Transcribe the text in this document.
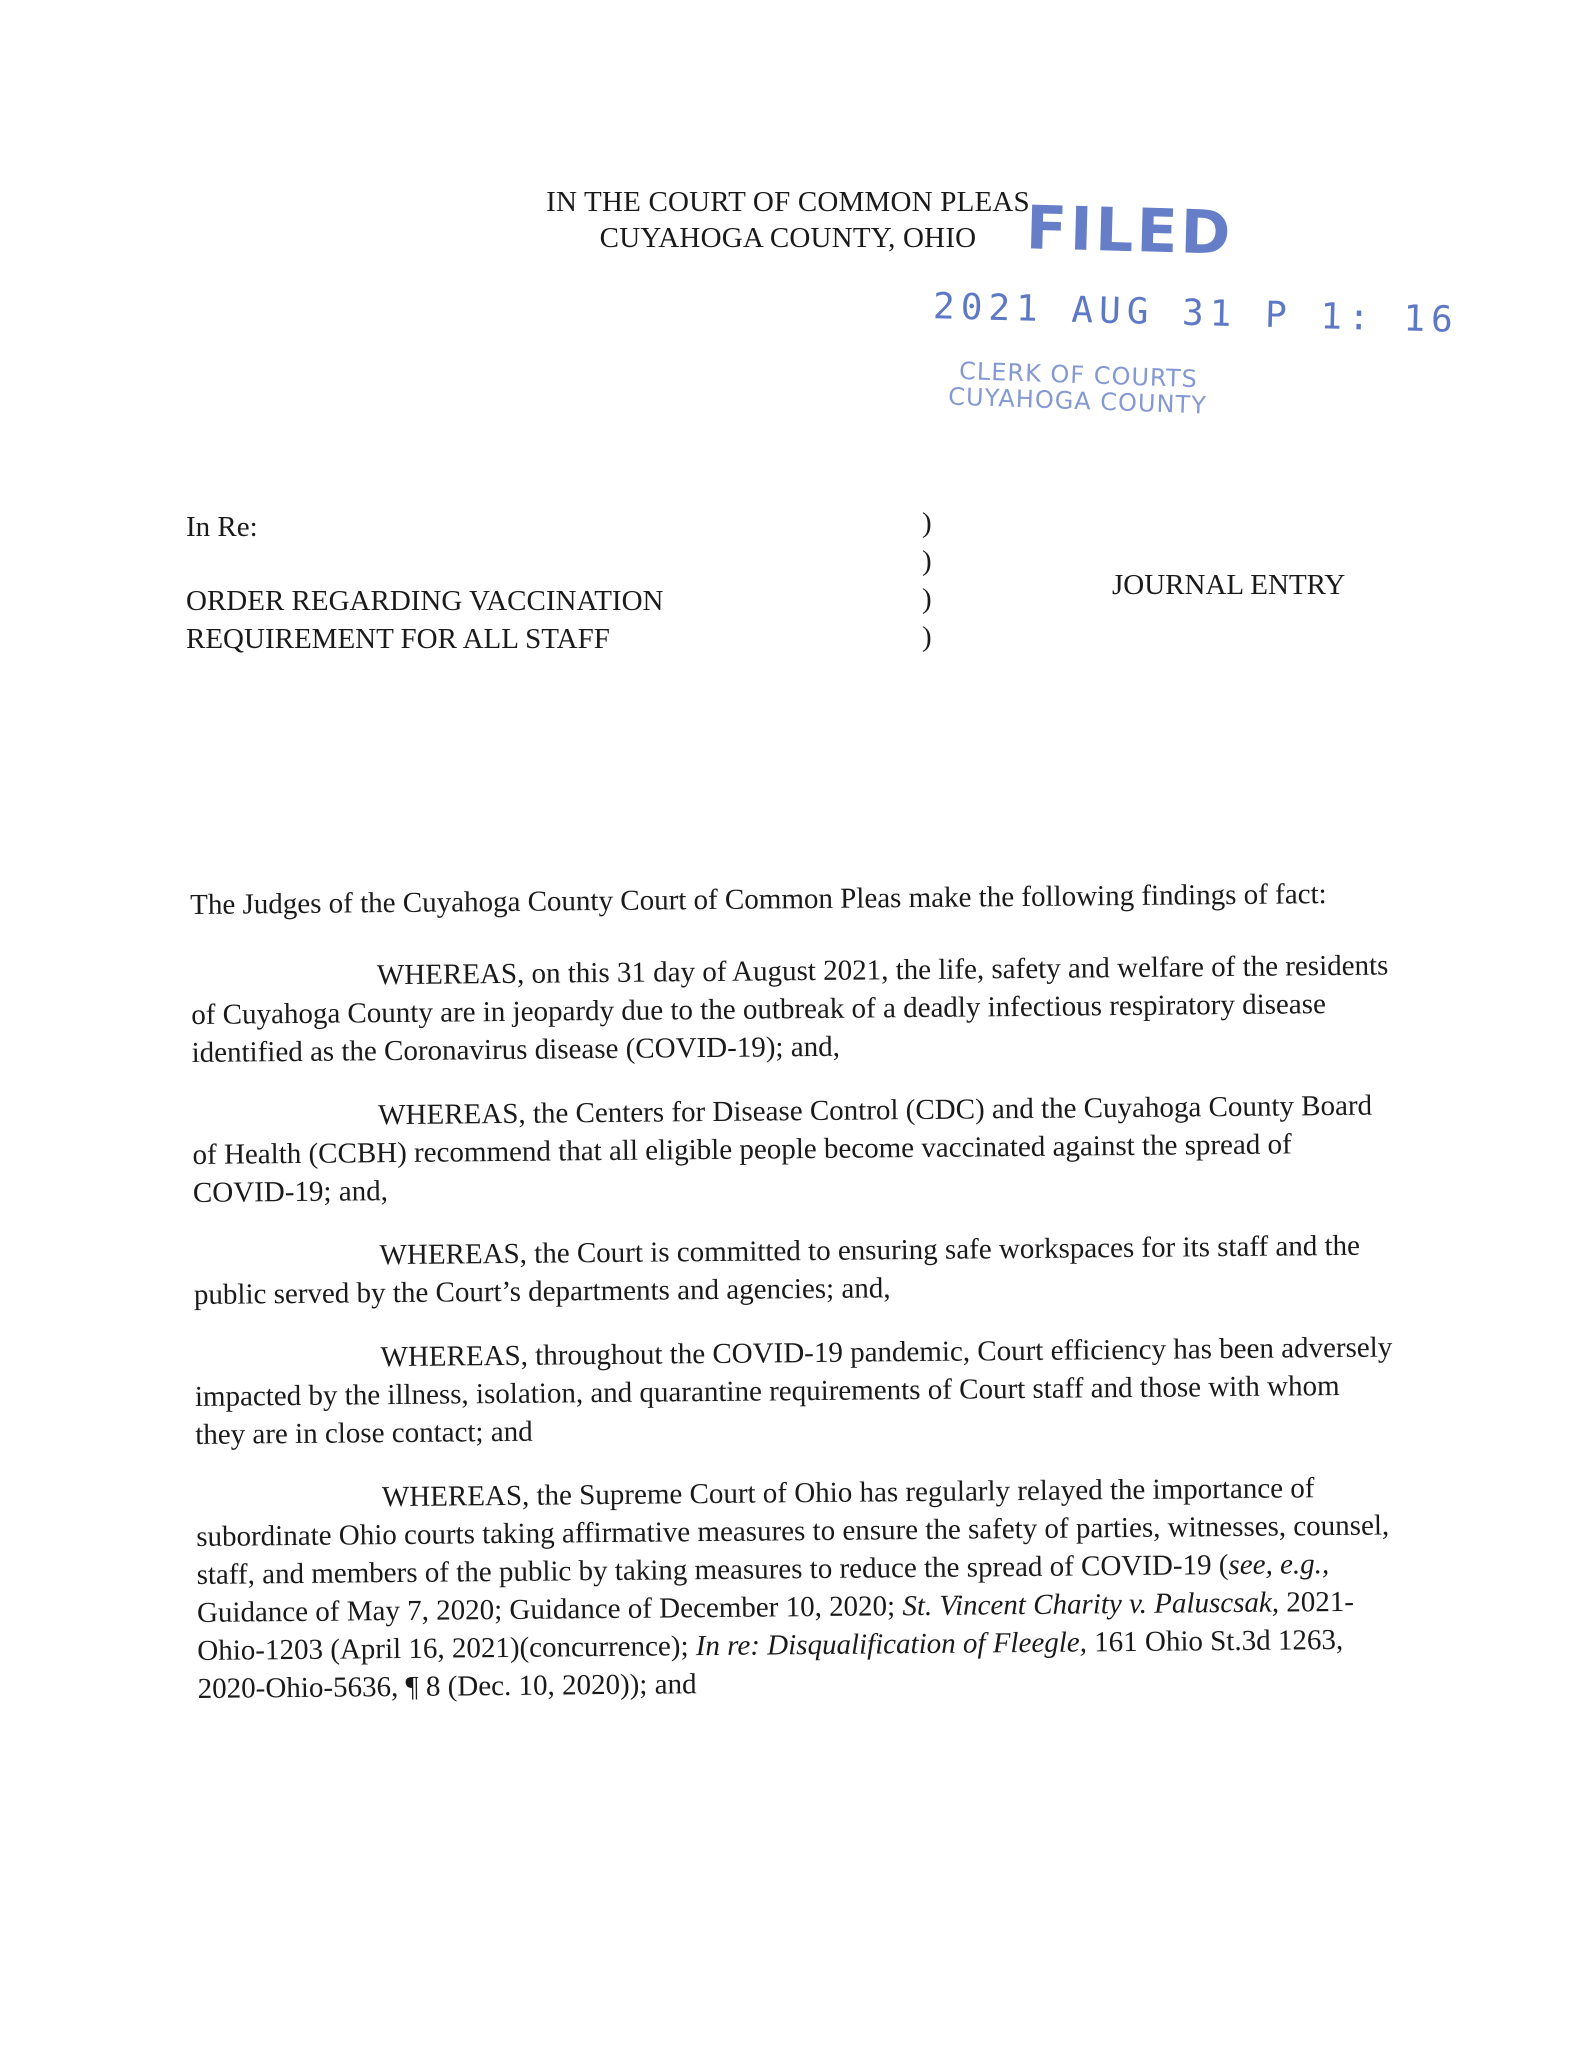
IN THE COURT OF COMMON PLEAS
CUYAHOGA COUNTY, OHIO FILED
2021 AUG 31 P 1: 16
CLERK OF COURTS
CUYAHOGA COUNTY
In Re:
ORDER REGARDING VACCINATION
REQUIREMENT FOR ALL STAFF
)
)
)
)
JOURNAL ENTRY

The Judges of the Cuyahoga County Court of Common Pleas make the following findings of fact:

WHEREAS, on this 31 day of August 2021, the life, safety and welfare of the residents of Cuyahoga County are in jeopardy due to the outbreak of a deadly infectious respiratory disease identified as the Coronavirus disease (COVID-19); and,

WHEREAS, the Centers for Disease Control (CDC) and the Cuyahoga County Board of Health (CCBH) recommend that all eligible people become vaccinated against the spread of COVID-19; and,

WHEREAS, the Court is committed to ensuring safe workspaces for its staff and the public served by the Court’s departments and agencies; and,

WHEREAS, throughout the COVID-19 pandemic, Court efficiency has been adversely impacted by the illness, isolation, and quarantine requirements of Court staff and those with whom they are in close contact; and

WHEREAS, the Supreme Court of Ohio has regularly relayed the importance of subordinate Ohio courts taking affirmative measures to ensure the safety of parties, witnesses, counsel, staff, and members of the public by taking measures to reduce the spread of COVID-19 (see, e.g., Guidance of May 7, 2020; Guidance of December 10, 2020; St. Vincent Charity v. Paluscsak, 2021-Ohio-1203 (April 16, 2021)(concurrence); In re: Disqualification of Fleegle, 161 Ohio St.3d 1263, 2020-Ohio-5636, ¶ 8 (Dec. 10, 2020)); and
